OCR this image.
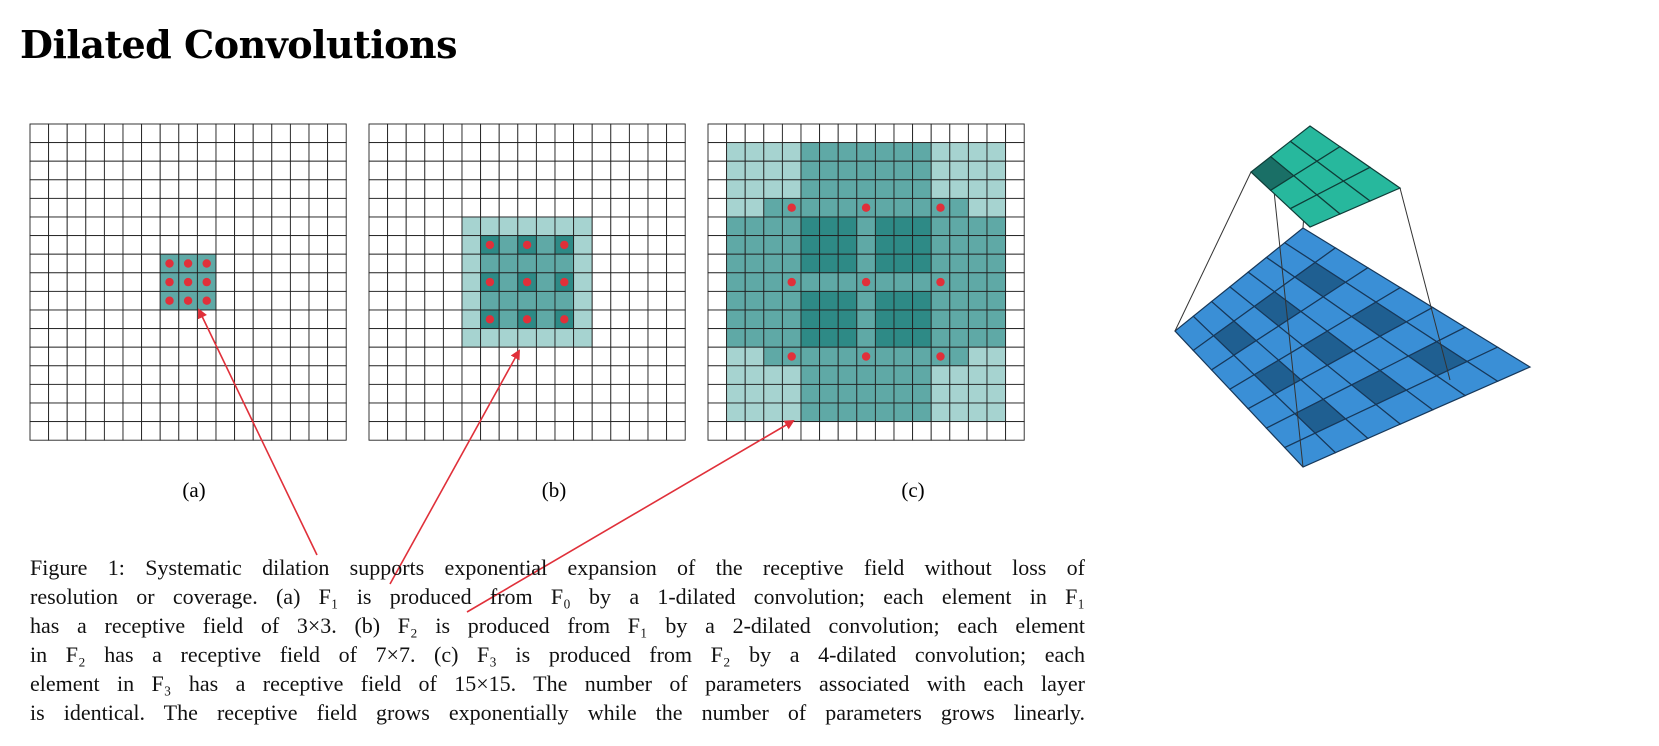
Dilated Convolutions
(a)	(b)	(c)
Figure 1: Systematic dilation supports exponential expansion of the receptive field without loss of
resolution or coverage. (a) F₁ is produced from F₀ by a 1-dilated convolution; each element in F₁
has a receptive field of 3×3. (b) F₂ is produced from F₁ by a 2-dilated convolution; each element
in F₂ has a receptive field of 7×7. (c) F₃ is produced from F₂ by a 4-dilated convolution; each
element in F₃ has a receptive field of 15×15. The number of parameters associated with each layer
is identical. The receptive field grows exponentially while the number of parameters grows linearly.
